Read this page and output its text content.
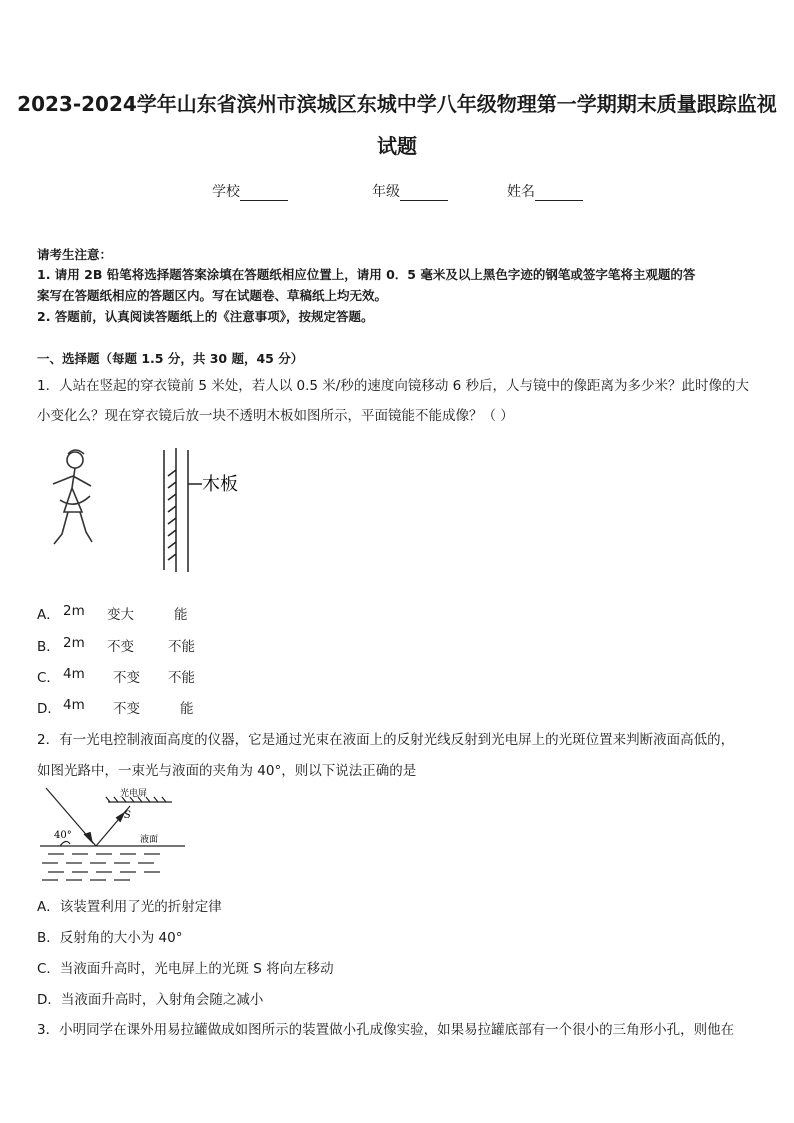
2023-2024学年山东省滨州市滨城区东城中学八年级物理第一学期期末质量跟踪监视
试题
学校	年级	姓名
请考生注意：
1. 请用 2B 铅笔将选择题答案涂填在答题纸相应位置上，请用 0．5 毫米及以上黑色字迹的钢笔或签字笔将主观题的答
案写在答题纸相应的答题区内。写在试题卷、草稿纸上均无效。
2. 答题前，认真阅读答题纸上的《注意事项》，按规定答题。
一、选择题（每题 1.5 分，共 30 题，45 分）
1．人站在竖起的穿衣镜前 5 米处，若人以 0.5 米/秒的速度向镜移动 6 秒后，人与镜中的像距离为多少米？此时像的大
小变化么？现在穿衣镜后放一块不透明木板如图所示，平面镜能不能成像？（ ）
木板
A． 2m 变大	能
B． 2m 不变	不能
C． 4m 不变 不能
D． 4m 不变	能
2．有一光电控制液面高度的仪器，它是通过光束在液面上的反射光线反射到光电屏上的光斑位置来判断液面高低的，
如图光路中，一束光与液面的夹角为 40°，则以下说法正确的是
光电屏
S
40°	液面
A．该装置利用了光的折射定律
B．反射角的大小为 40°
C．当液面升高时，光电屏上的光斑 S 将向左移动
D．当液面升高时，入射角会随之减小
3．小明同学在课外用易拉罐做成如图所示的装置做小孔成像实验，如果易拉罐底部有一个很小的三角形小孔，则他在
